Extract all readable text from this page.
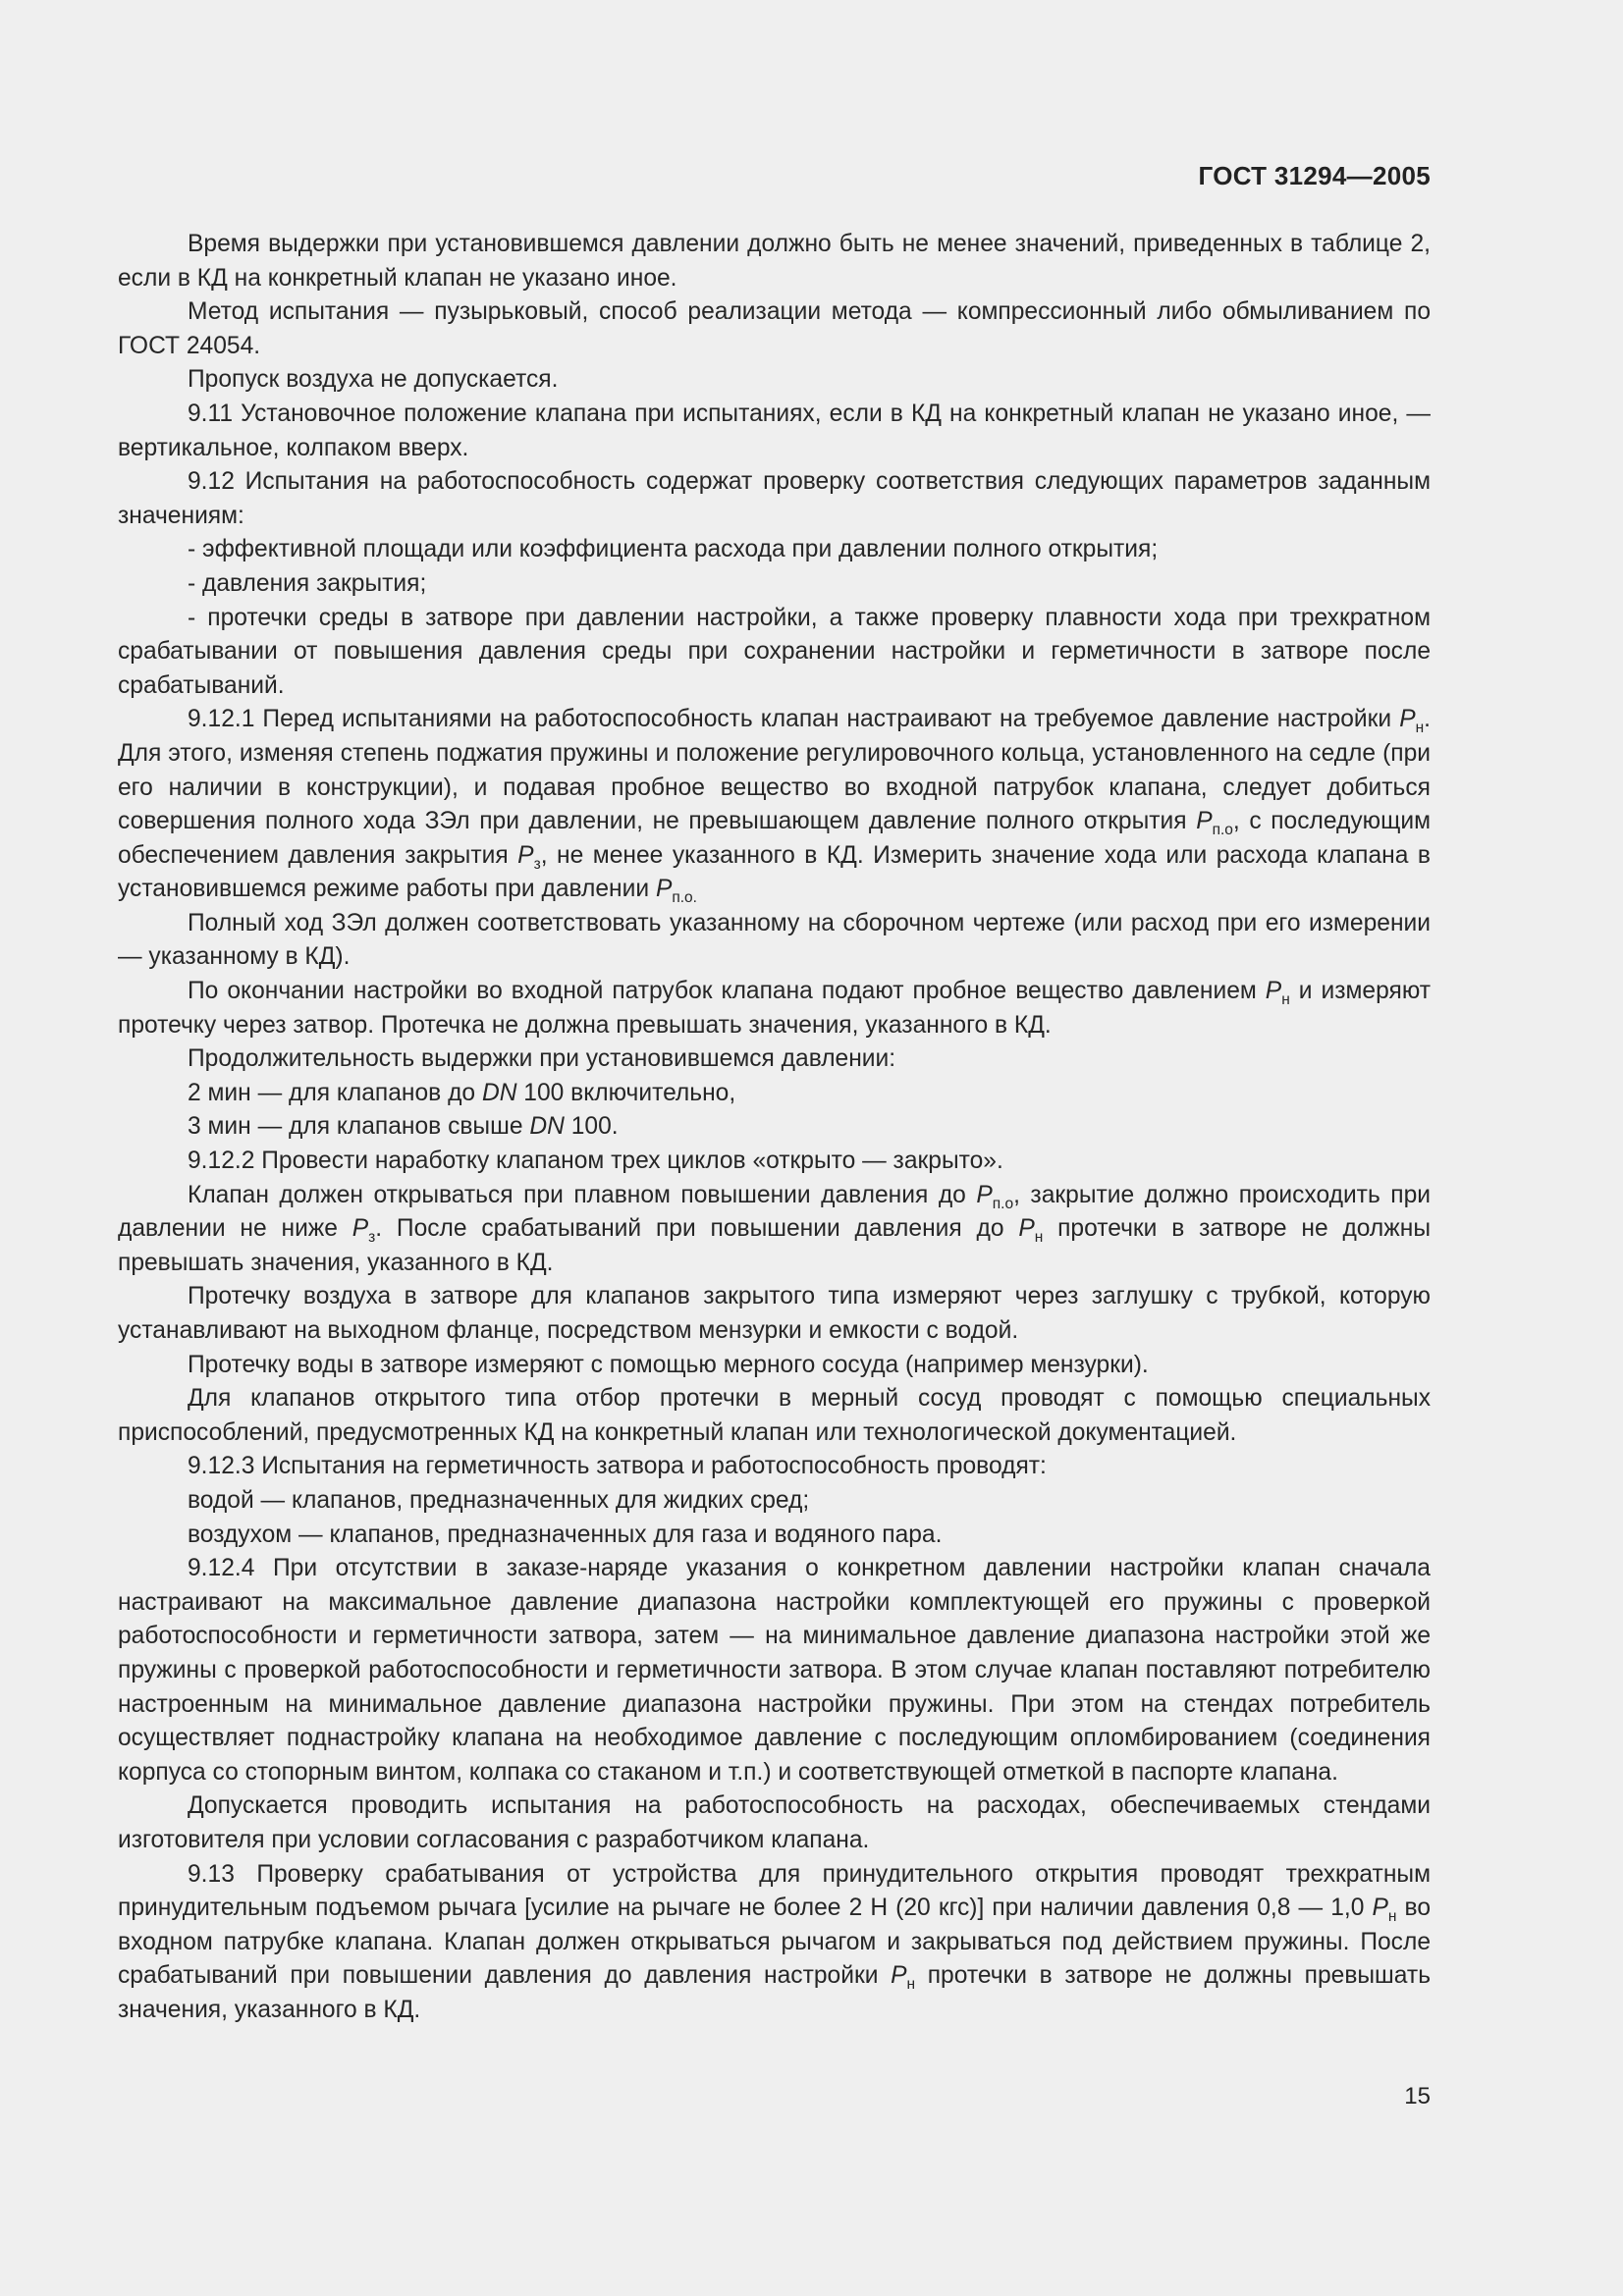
ГОСТ 31294—2005

Время выдержки при установившемся давлении должно быть не менее значений, приведенных в таблице 2, если в КД на конкретный клапан не указано иное.

Метод испытания — пузырьковый, способ реализации метода — компрессионный либо обмыливанием по ГОСТ 24054.

Пропуск воздуха не допускается.

9.11 Установочное положение клапана при испытаниях, если в КД на конкретный клапан не указано иное, — вертикальное, колпаком вверх.

9.12 Испытания на работоспособность содержат проверку соответствия следующих параметров заданным значениям:

- эффективной площади или коэффициента расхода при давлении полного открытия;

- давления закрытия;

- протечки среды в затворе при давлении настройки, а также проверку плавности хода при трехкратном срабатывании от повышения давления среды при сохранении настройки и герметичности в затворе после срабатываний.

9.12.1 Перед испытаниями на работоспособность клапан настраивают на требуемое давление настройки $P_н$. Для этого, изменяя степень поджатия пружины и положение регулировочного кольца, установленного на седле (при его наличии в конструкции), и подавая пробное вещество во входной патрубок клапана, следует добиться совершения полного хода ЗЭл при давлении, не превышающем давление полного открытия $P_{п.о}$, с последующим обеспечением давления закрытия $P_з$, не менее указанного в КД. Измерить значение хода или расхода клапана в установившемся режиме работы при давлении $P_{п.о.}$

Полный ход ЗЭл должен соответствовать указанному на сборочном чертеже (или расход при его измерении — указанному в КД).

По окончании настройки во входной патрубок клапана подают пробное вещество давлением $P_н$ и измеряют протечку через затвор. Протечка не должна превышать значения, указанного в КД.

Продолжительность выдержки при установившемся давлении:

2 мин — для клапанов до DN 100 включительно,

3 мин — для клапанов свыше DN 100.

9.12.2 Провести наработку клапаном трех циклов «открыто — закрыто».

Клапан должен открываться при плавном повышении давления до $P_{п.о}$, закрытие должно происходить при давлении не ниже $P_з$. После срабатываний при повышении давления до $P_н$ протечки в затворе не должны превышать значения, указанного в КД.

Протечку воздуха в затворе для клапанов закрытого типа измеряют через заглушку с трубкой, которую устанавливают на выходном фланце, посредством мензурки и емкости с водой.

Протечку воды в затворе измеряют с помощью мерного сосуда (например мензурки).

Для клапанов открытого типа отбор протечки в мерный сосуд проводят с помощью специальных приспособлений, предусмотренных КД на конкретный клапан или технологической документацией.

9.12.3 Испытания на герметичность затвора и работоспособность проводят:

водой — клапанов, предназначенных для жидких сред;

воздухом — клапанов, предназначенных для газа и водяного пара.

9.12.4 При отсутствии в заказе-наряде указания о конкретном давлении настройки клапан сначала настраивают на максимальное давление диапазона настройки комплектующей его пружины с проверкой работоспособности и герметичности затвора, затем — на минимальное давление диапазона настройки этой же пружины с проверкой работоспособности и герметичности затвора. В этом случае клапан поставляют потребителю настроенным на минимальное давление диапазона настройки пружины. При этом на стендах потребитель осуществляет поднастройку клапана на необходимое давление с последующим опломбированием (соединения корпуса со стопорным винтом, колпака со стаканом и т.п.) и соответствующей отметкой в паспорте клапана.

Допускается проводить испытания на работоспособность на расходах, обеспечиваемых стендами изготовителя при условии согласования с разработчиком клапана.

9.13 Проверку срабатывания от устройства для принудительного открытия проводят трехкратным принудительным подъемом рычага [усилие на рычаге не более 2 Н (20 кгс)] при наличии давления 0,8 — 1,0 $P_н$ во входном патрубке клапана. Клапан должен открываться рычагом и закрываться под действием пружины. После срабатываний при повышении давления до давления настройки $P_н$ протечки в затворе не должны превышать значения, указанного в КД.

15
